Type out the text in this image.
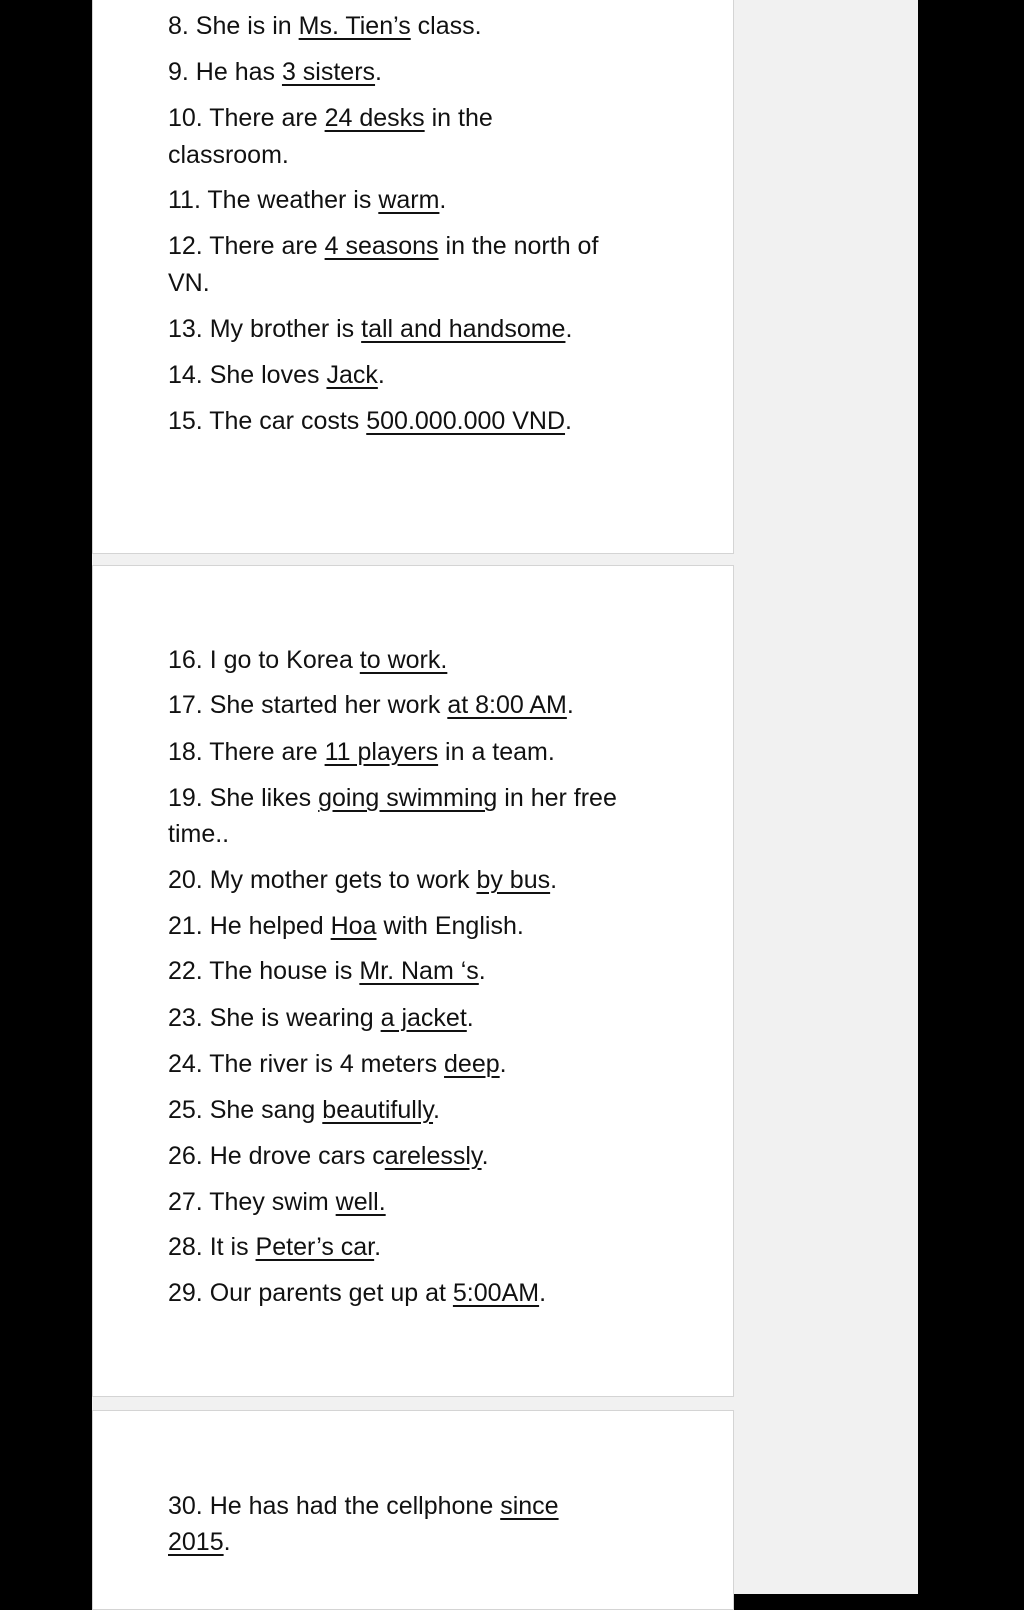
8. She is in Ms. Tien’s class.

9. He has 3 sisters.

10. There are 24 desks in the

classroom.

11. The weather is warm.

12. There are 4 seasons in the north of

VN.

13. My brother is tall and handsome.

14. She loves Jack.

15. The car costs 500.000.000 VND.

16. I go to Korea to work.

17. She started her work at 8:00 AM.

18. There are 11 players in a team.

19. She likes going swimming in her free

time..

20. My mother gets to work by bus.

21. He helped Hoa with English.

22. The house is Mr. Nam ‘s.

23. She is wearing a jacket.

24. The river is 4 meters deep.

25. She sang beautifully.

26. He drove cars carelessly.

27. They swim well.

28. It is Peter’s car.

29. Our parents get up at 5:00AM.

30. He has had the cellphone since

2015.
